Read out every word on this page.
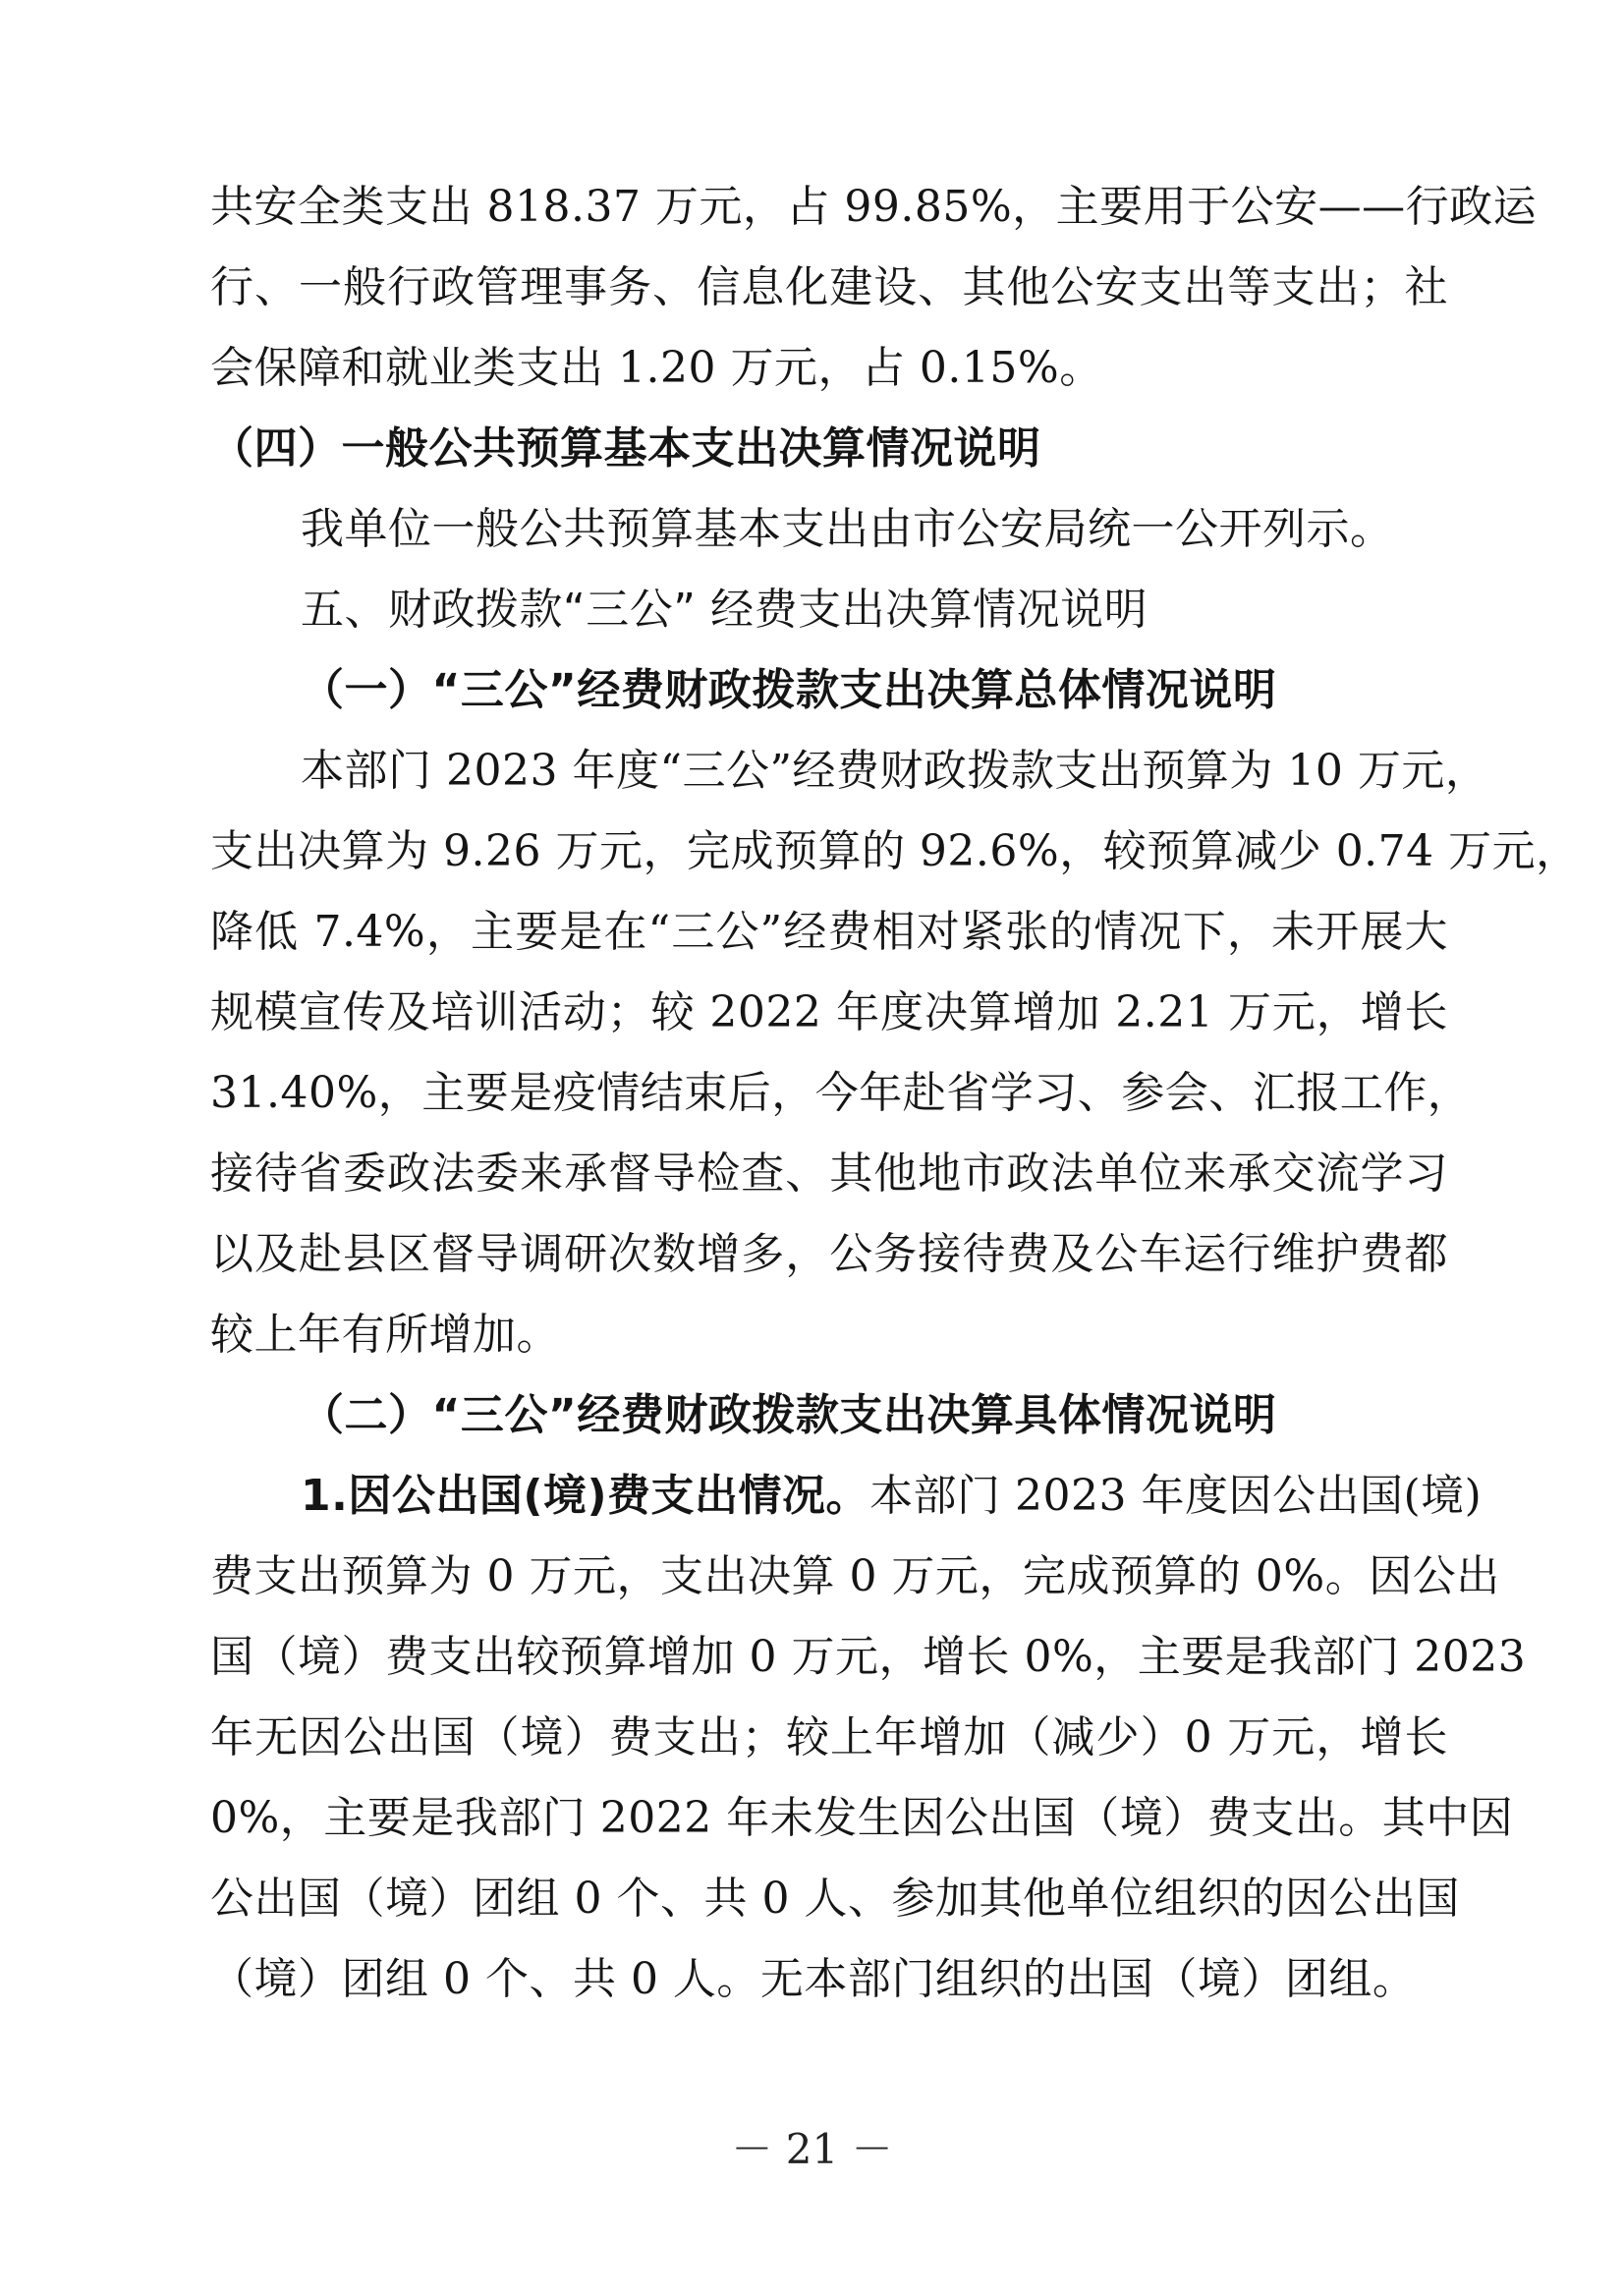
共安全类支出 818.37 万元，占 99.85%，主要用于公安——行政运
行、一般行政管理事务、信息化建设、其他公安支出等支出；社
会保障和就业类支出 1.20 万元，占 0.15%。
（四）一般公共预算基本支出决算情况说明
我单位一般公共预算基本支出由市公安局统一公开列示。
五、财政拨款“三公” 经费支出决算情况说明
（一）“三公”经费财政拨款支出决算总体情况说明
本部门 2023 年度“三公”经费财政拨款支出预算为 10 万元，
支出决算为 9.26 万元，完成预算的 92.6%，较预算减少 0.74 万元，
降低 7.4%，主要是在“三公”经费相对紧张的情况下，未开展大
规模宣传及培训活动；较 2022 年度决算增加 2.21 万元，增长
31.40%，主要是疫情结束后，今年赴省学习、参会、汇报工作，
接待省委政法委来承督导检查、其他地市政法单位来承交流学习
以及赴县区督导调研次数增多，公务接待费及公车运行维护费都
较上年有所增加。
（二）“三公”经费财政拨款支出决算具体情况说明
1.因公出国(境)费支出情况。本部门 2023 年度因公出国(境)
费支出预算为 0 万元，支出决算 0 万元，完成预算的 0%。因公出
国（境）费支出较预算增加 0 万元，增长 0%，主要是我部门 2023
年无因公出国（境）费支出；较上年增加（减少）0 万元，增长
0%，主要是我部门 2022 年未发生因公出国（境）费支出。其中因
公出国（境）团组 0 个、共 0 人、参加其他单位组织的因公出国
（境）团组 0 个、共 0 人。无本部门组织的出国（境）团组。
－ 21 －
